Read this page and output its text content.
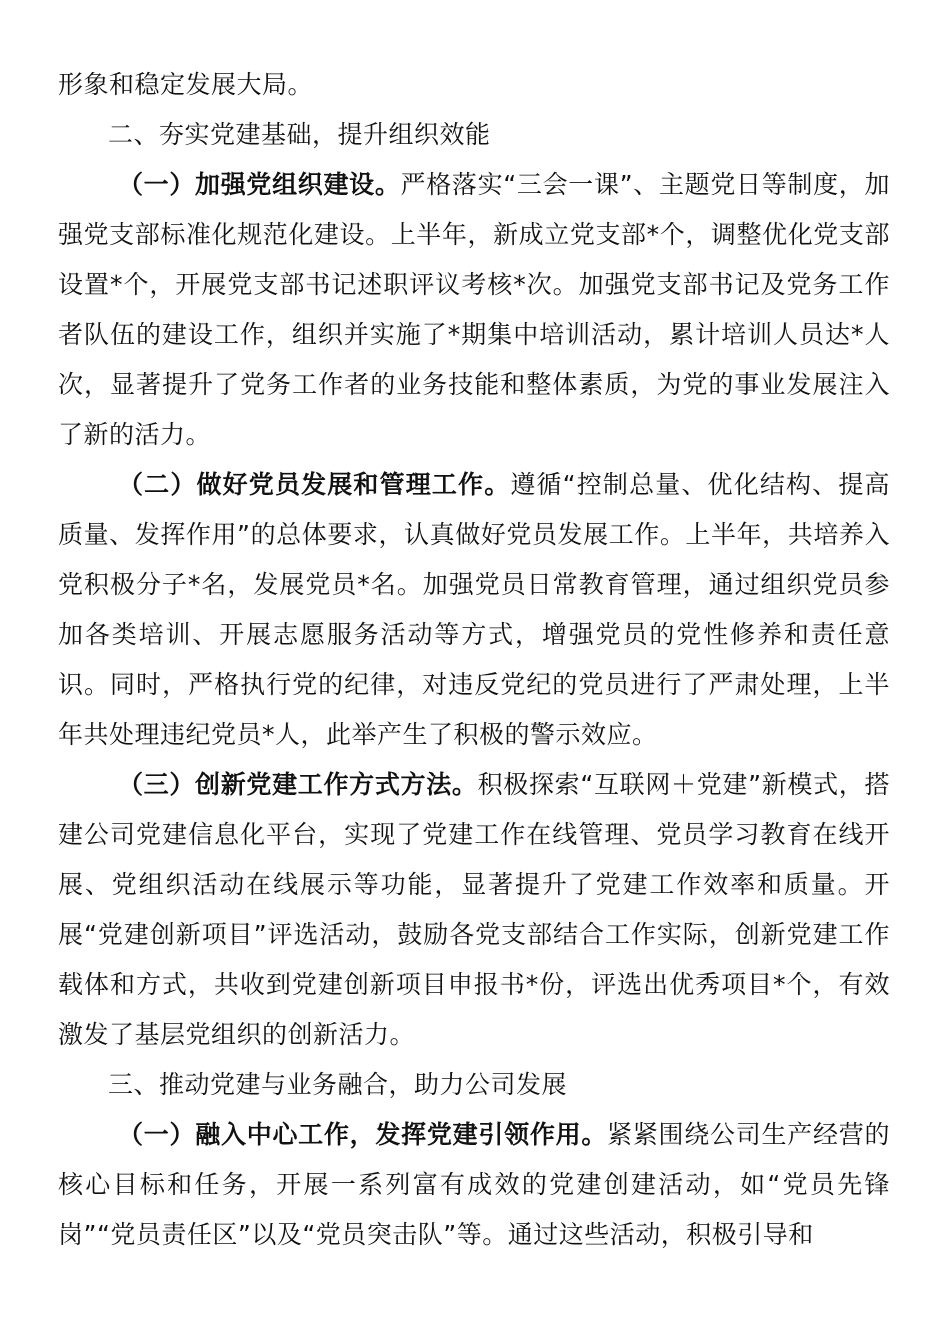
形象和稳定发展大局。

二、夯实党建基础，提升组织效能

（一）加强党组织建设。严格落实“三会一课”、主题党日等制度，加强党支部标准化规范化建设。上半年，新成立党支部*个，调整优化党支部设置*个，开展党支部书记述职评议考核*次。加强党支部书记及党务工作者队伍的建设工作，组织并实施了*期集中培训活动，累计培训人员达*人次，显著提升了党务工作者的业务技能和整体素质，为党的事业发展注入了新的活力。

（二）做好党员发展和管理工作。遵循“控制总量、优化结构、提高质量、发挥作用”的总体要求，认真做好党员发展工作。上半年，共培养入党积极分子*名，发展党员*名。加强党员日常教育管理，通过组织党员参加各类培训、开展志愿服务活动等方式，增强党员的党性修养和责任意识。同时，严格执行党的纪律，对违反党纪的党员进行了严肃处理，上半年共处理违纪党员*人，此举产生了积极的警示效应。

（三）创新党建工作方式方法。积极探索“互联网＋党建”新模式，搭建公司党建信息化平台，实现了党建工作在线管理、党员学习教育在线开展、党组织活动在线展示等功能，显著提升了党建工作效率和质量。开展“党建创新项目”评选活动，鼓励各党支部结合工作实际，创新党建工作载体和方式，共收到党建创新项目申报书*份，评选出优秀项目*个，有效激发了基层党组织的创新活力。

三、推动党建与业务融合，助力公司发展

（一）融入中心工作，发挥党建引领作用。紧紧围绕公司生产经营的核心目标和任务，开展一系列富有成效的党建创建活动，如“党员先锋岗”“党员责任区”以及“党员突击队”等。通过这些活动，积极引导和
